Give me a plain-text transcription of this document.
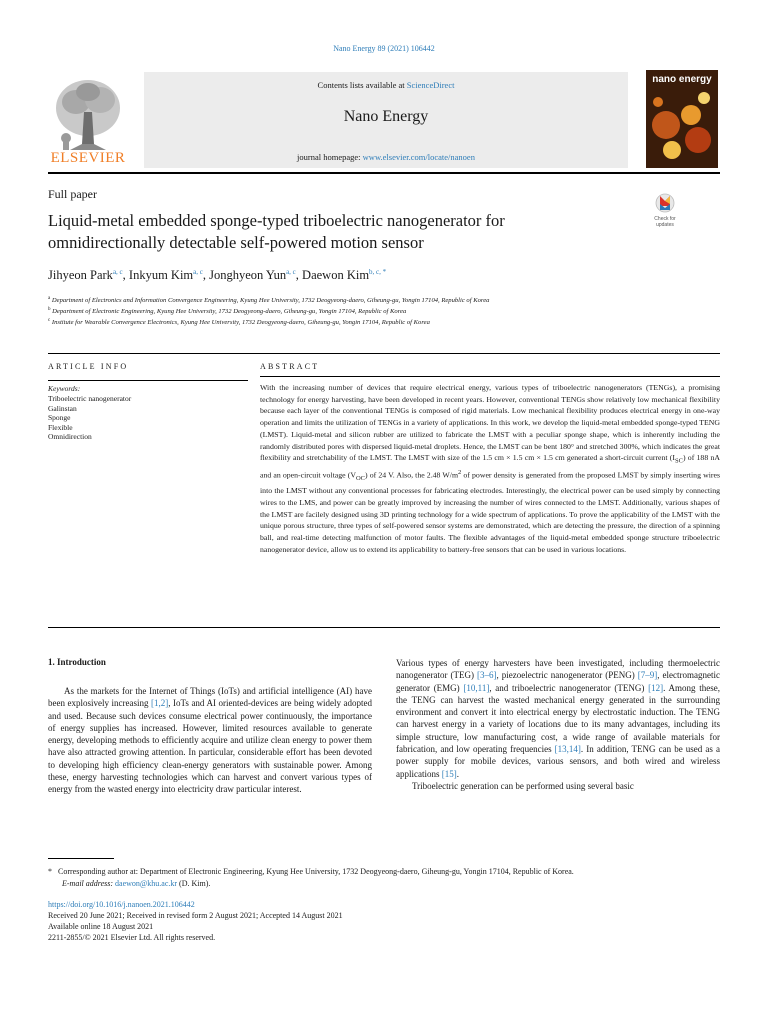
Nano Energy 89 (2021) 106442
ELSEVIER
Contents lists available at ScienceDirect
Nano Energy
journal homepage: www.elsevier.com/locate/nanoen
nano energy
Full paper
Liquid-metal embedded sponge-typed triboelectric nanogenerator for
omnidirectionally detectable self-powered motion sensor
Check for updates
Jihyeon Park$^{a, c}$, Inkyum Kim$^{a, c}$, Jonghyeon Yun$^{a, c}$, Daewon Kim$^{b, c, *}$
$^a$ Department of Electronics and Information Convergence Engineering, Kyung Hee University, 1732 Deogyeong-daero, Giheung-gu, Yongin 17104, Republic of Korea
$^b$ Department of Electronic Engineering, Kyung Hee University, 1732 Deogyeong-daero, Giheung-gu, Yongin 17104, Republic of Korea
$^c$ Institute for Wearable Convergence Electronics, Kyung Hee University, 1732 Deogyeong-daero, Giheung-gu, Yongin 17104, Republic of Korea
ARTICLE INFO	ABSTRACT
Keywords:
Triboelectric nanogenerator
Galinstan
Sponge
Flexible
Omnidirection
With the increasing number of devices that require electrical energy, various types of triboelectric nanogenerators (TENGs), a promising technology for energy harvesting, have been developed in recent years. However, conventional TENGs show relatively low mechanical flexibility because each layer of the conventional TENGs is composed of rigid materials. Low mechanical flexibility produces electrical energy in one-way operation and limits the utilization of TENGs in a variety of applications. In this work, we develop the liquid-metal embedded sponge-typed TENG (LMST). Liquid-metal and silicon rubber are utilized to fabricate the LMST with a peculiar sponge shape, which is inherently including the randomly distributed pores with dispersed liquid-metal droplets. Hence, the LMST can be bent 180° and stretched 300%, which indicates the great flexibility and stretchability of the LMST. The LMST with size of the 1.5 cm × 1.5 cm × 1.5 cm generated a short-circuit current $(I_{SC})$ of 188 nA and an open-circuit voltage $(V_{OC})$ of 24 V. Also, the 2.48 $W/m^2$ of power density is generated from the proposed LMST by simply inserting wires into the LMST without any conventional processes for fabricating electrodes. Interestingly, the electrical power can be used simply by connecting wires to the LMS, and power can be greatly improved by increasing the number of wires connected to the LMST. Additionally, various shapes of the LMST are facilely designed using 3D printing technology for a wide spectrum of applications. To prove the applicability of the LMST with the unique porous structure, three types of self-powered sensor systems are demonstrated, which are detecting the pressure, the direction of a spinning ball, and real-time detecting malfunction of motor faults. The flexible advantages of the liquid-metal embedded sponge structure triboelectric nanogenerator device, allow us to extend its applicability to battery-free sensors that can be used in various locations.
1. Introduction
As the markets for the Internet of Things (IoTs) and artificial intelligence (AI) have been explosively increasing [1,2], IoTs and AI oriented-devices are being widely adopted and used. Because such devices consume electrical power continuously, the importance of energy supplies has increased. However, limited resources available to generate energy, developing methods to efficiently acquire and utilize clean energy to power them have also attracted growing attention. In particular, considerable effort has been devoted to developing high efficiency clean-energy generators with sustainable power. Among these, energy harvesting technologies which can harvest and convert various types of energy from the wasted energy into electricity draw particular interest.
Various types of energy harvesters have been investigated, including thermoelectric nanogenerator (TEG) [3–6], piezoelectric nanogenerator (PENG) [7–9], electromagnetic generator (EMG) [10,11], and triboelectric nanogenerator (TENG) [12]. Among these, the TENG can harvest the wasted mechanical energy generated in the surrounding environment and convert it into electrical energy by electrostatic induction. The TENG can harvest energy in a variety of locations due to its many advantages, including its simple structure, low manufacturing cost, a wide range of available materials for fabrication, and low operating frequencies [13,14]. In addition, TENG can be used as a power supply for mobile devices, various sensors, and both wired and wireless applications [15].
Triboelectric generation can be performed using several basic
* Corresponding author at: Department of Electronic Engineering, Kyung Hee University, 1732 Deogyeong-daero, Giheung-gu, Yongin 17104, Republic of Korea.
E-mail address: daewon@khu.ac.kr (D. Kim).
https://doi.org/10.1016/j.nanoen.2021.106442
Received 20 June 2021; Received in revised form 2 August 2021; Accepted 14 August 2021
Available online 18 August 2021
2211-2855/© 2021 Elsevier Ltd. All rights reserved.
